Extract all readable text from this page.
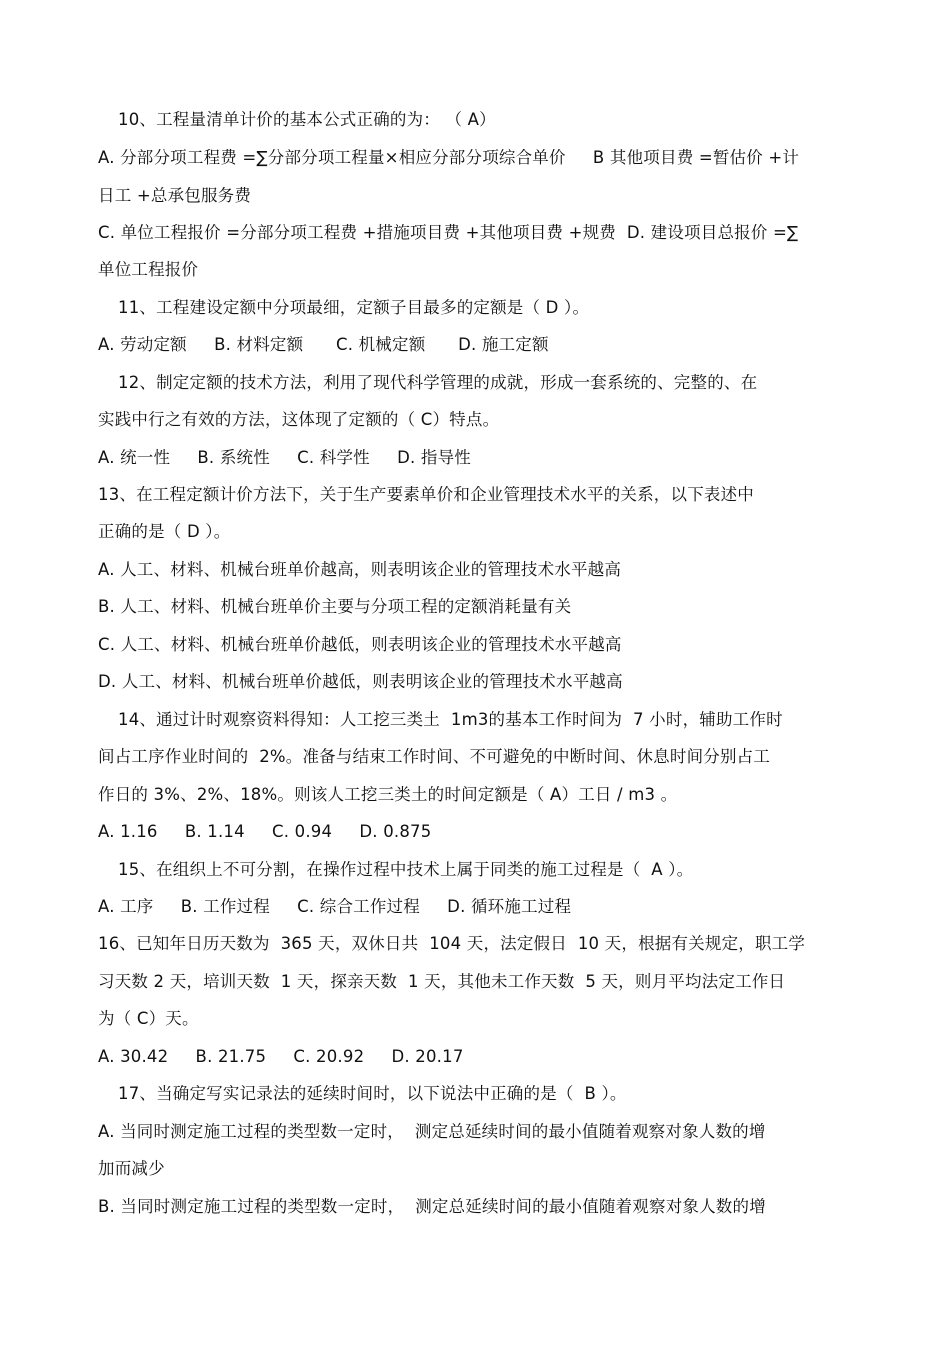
10、工程量清单计价的基本公式正确的为： （ A）
A. 分部分项工程费 =∑分部分项工程量×相应分部分项综合单价     B 其他项目费 =暂估价 +计
日工 +总承包服务费
C. 单位工程报价 =分部分项工程费 +措施项目费 +其他项目费 +规费  D. 建设项目总报价 =∑
单位工程报价
11、工程建设定额中分项最细，定额子目最多的定额是（ D ）。
A. 劳动定额     B. 材料定额      C. 机械定额      D. 施工定额
12、制定定额的技术方法，利用了现代科学管理的成就，形成一套系统的、完整的、在
实践中行之有效的方法，这体现了定额的（ C）特点。
A. 统一性     B. 系统性     C. 科学性     D. 指导性
13、在工程定额计价方法下，关于生产要素单价和企业管理技术水平的关系，以下表述中
正确的是（ D ）。
A. 人工、材料、机械台班单价越高，则表明该企业的管理技术水平越高
B. 人工、材料、机械台班单价主要与分项工程的定额消耗量有关
C. 人工、材料、机械台班单价越低，则表明该企业的管理技术水平越高
D. 人工、材料、机械台班单价越低，则表明该企业的管理技术水平越高
14、通过计时观察资料得知：人工挖三类土  1m3的基本工作时间为  7 小时，辅助工作时
间占工序作业时间的  2%。准备与结束工作时间、不可避免的中断时间、休息时间分别占工
作日的 3%、2%、18%。则该人工挖三类土的时间定额是（ A）工日 / m3 。
A. 1.16     B. 1.14     C. 0.94     D. 0.875
15、在组织上不可分割，在操作过程中技术上属于同类的施工过程是（  A ）。
A. 工序     B. 工作过程     C. 综合工作过程     D. 循环施工过程
16、已知年日历天数为  365 天，双休日共  104 天，法定假日  10 天，根据有关规定，职工学
习天数 2 天，培训天数  1 天，探亲天数  1 天，其他未工作天数  5 天，则月平均法定工作日
为（ C）天。
A. 30.42     B. 21.75     C. 20.92     D. 20.17
17、当确定写实记录法的延续时间时，以下说法中正确的是（  B ）。
A. 当同时测定施工过程的类型数一定时，  测定总延续时间的最小值随着观察对象人数的增
加而减少
B. 当同时测定施工过程的类型数一定时，  测定总延续时间的最小值随着观察对象人数的增
